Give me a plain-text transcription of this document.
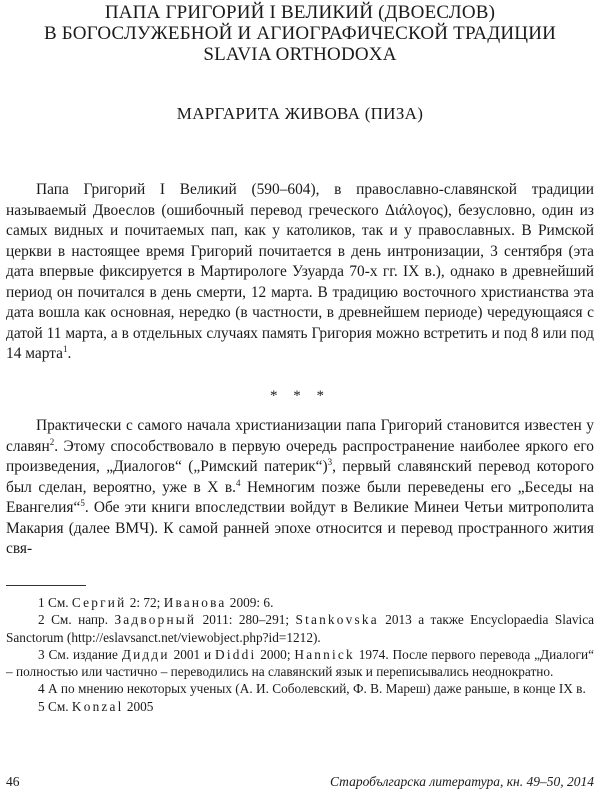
ПАПА ГРИГОРИЙ I ВЕЛИКИЙ (ДВОЕСЛОВ)
В БОГОСЛУЖЕБНОЙ И АГИОГРАФИЧЕСКОЙ ТРАДИЦИИ
SLAVIA ORTHODOXA
МАРГАРИТА ЖИВОВА (ПИЗА)

Папа Григорий I Великий (590–604), в православно-славянской традиции называемый Двоеслов (ошибочный перевод греческого Διάλογος), безусловно, один из самых видных и почитаемых пап, как у католиков, так и у православных. В Римской церкви в настоящее время Григорий почитается в день интронизации, 3 сентября (эта дата впервые фиксируется в Мартирологе Узуарда 70-х гг. IX в.), однако в древнейший период он почитался в день смерти, 12 марта. В традицию восточного христианства эта дата вошла как основная, нередко (в частности, в древнейшем периоде) чередующаяся с датой 11 марта, а в отдельных случаях память Григория можно встретить и под 8 или под 14 марта$^1$.

* * *

Практически с самого начала христианизации папа Григорий становится известен у славян$^2$. Этому способствовало в первую очередь распространение наиболее яркого его произведения, „Диалогов“ („Римский патерик“)$^3$, первый славянский перевод которого был сделан, вероятно, уже в X в.$^4$ Немногим позже были переведены его „Беседы на Евангелия“$^5$. Обе эти книги впоследствии войдут в Великие Минеи Четьи митрополита Макария (далее ВМЧ). К самой ранней эпохе относится и перевод пространного жития свя-

1 См. Сергий 2: 72; Иванова 2009: 6.

2 См. напр. Задворный 2011: 280–291; Stankovska 2013 а также Encyclopaedia Slavica Sanctorum (http://eslavsanct.net/viewobject.php?id=1212).

3 См. издание Дидди 2001 и Diddi 2000; Hannick 1974. После первого перевода „Диалоги“ – полностью или частично – переводились на славянский язык и переписывались неоднократно.

4 А по мнению некоторых ученых (А. И. Соболевский, Ф. В. Мареш) даже раньше, в конце IX в.

5 См. Konzal 2005

46	Старобългарска литература, кн. 49–50, 2014
